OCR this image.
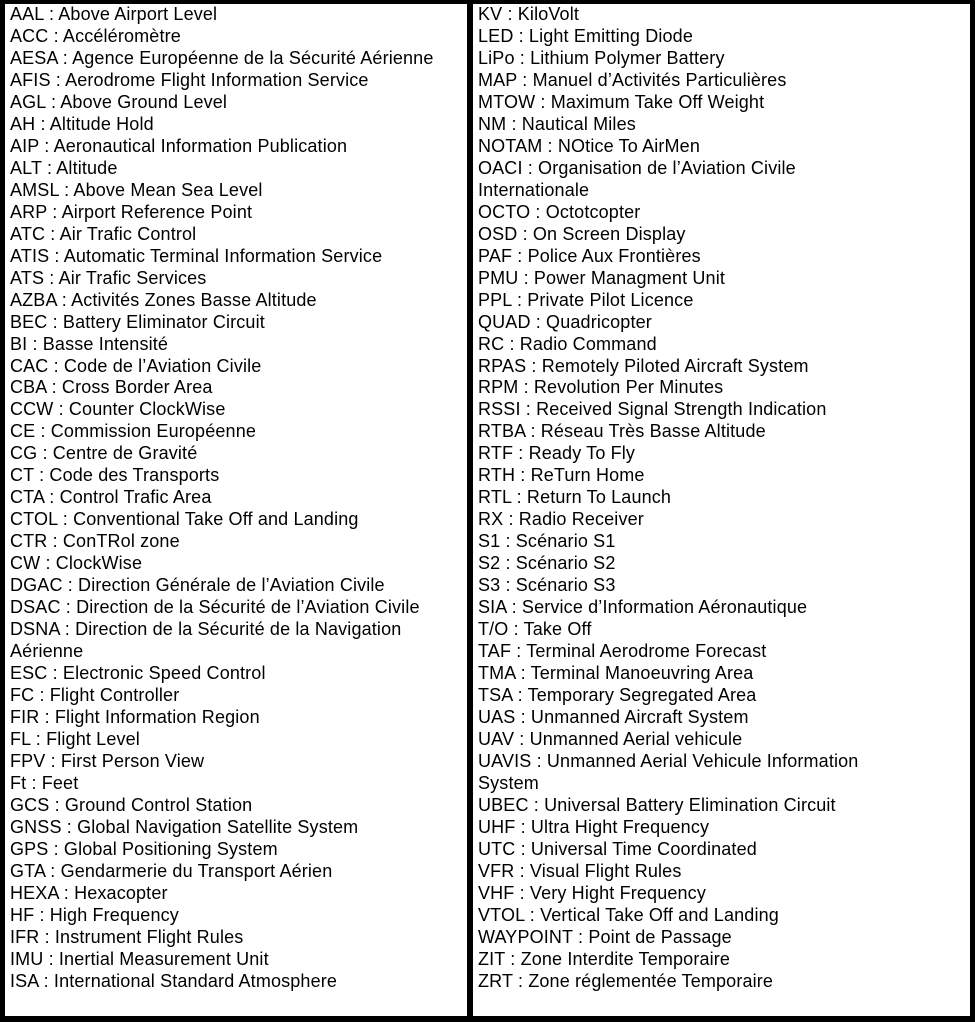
AAL : Above Airport Level
ACC : Accéléromètre
AESA : Agence Européenne de la Sécurité Aérienne
AFIS : Aerodrome Flight Information Service
AGL : Above Ground Level
AH : Altitude Hold
AIP : Aeronautical Information Publication
ALT : Altitude
AMSL : Above Mean Sea Level
ARP : Airport Reference Point
ATC : Air Trafic Control
ATIS : Automatic Terminal Information Service
ATS : Air Trafic Services
AZBA : Activités Zones Basse Altitude
BEC : Battery Eliminator Circuit
BI : Basse Intensité
CAC : Code de l’Aviation Civile
CBA : Cross Border Area
CCW : Counter ClockWise
CE : Commission Européenne
CG : Centre de Gravité
CT : Code des Transports
CTA : Control Trafic Area
CTOL : Conventional Take Off and Landing
CTR : ConTRol zone
CW : ClockWise
DGAC : Direction Générale de l’Aviation Civile
DSAC : Direction de la Sécurité de l’Aviation Civile
DSNA : Direction de la Sécurité de la Navigation
Aérienne
ESC : Electronic Speed Control
FC : Flight Controller
FIR : Flight Information Region
FL : Flight Level
FPV : First Person View
Ft : Feet
GCS : Ground Control Station
GNSS : Global Navigation Satellite System
GPS : Global Positioning System
GTA : Gendarmerie du Transport Aérien
HEXA : Hexacopter
HF : High Frequency
IFR : Instrument Flight Rules
IMU : Inertial Measurement Unit
ISA : International Standard Atmosphere
KV : KiloVolt
LED : Light Emitting Diode
LiPo : Lithium Polymer Battery
MAP : Manuel d’Activités Particulières
MTOW : Maximum Take Off Weight
NM : Nautical Miles
NOTAM : NOtice To AirMen
OACI : Organisation de l’Aviation Civile
Internationale
OCTO : Octotcopter
OSD : On Screen Display
PAF : Police Aux Frontières
PMU : Power Managment Unit
PPL : Private Pilot Licence
QUAD : Quadricopter
RC : Radio Command
RPAS : Remotely Piloted Aircraft System
RPM : Revolution Per Minutes
RSSI : Received Signal Strength Indication
RTBA : Réseau Très Basse Altitude
RTF : Ready To Fly
RTH : ReTurn Home
RTL : Return To Launch
RX : Radio Receiver
S1 : Scénario S1
S2 : Scénario S2
S3 : Scénario S3
SIA : Service d’Information Aéronautique
T/O : Take Off
TAF : Terminal Aerodrome Forecast
TMA : Terminal Manoeuvring Area
TSA : Temporary Segregated Area
UAS : Unmanned Aircraft System
UAV : Unmanned Aerial vehicule
UAVIS : Unmanned Aerial Vehicule Information
System
UBEC : Universal Battery Elimination Circuit
UHF : Ultra Hight Frequency
UTC : Universal Time Coordinated
VFR : Visual Flight Rules
VHF : Very Hight Frequency
VTOL : Vertical Take Off and Landing
WAYPOINT : Point de Passage
ZIT : Zone Interdite Temporaire
ZRT : Zone réglementée Temporaire
